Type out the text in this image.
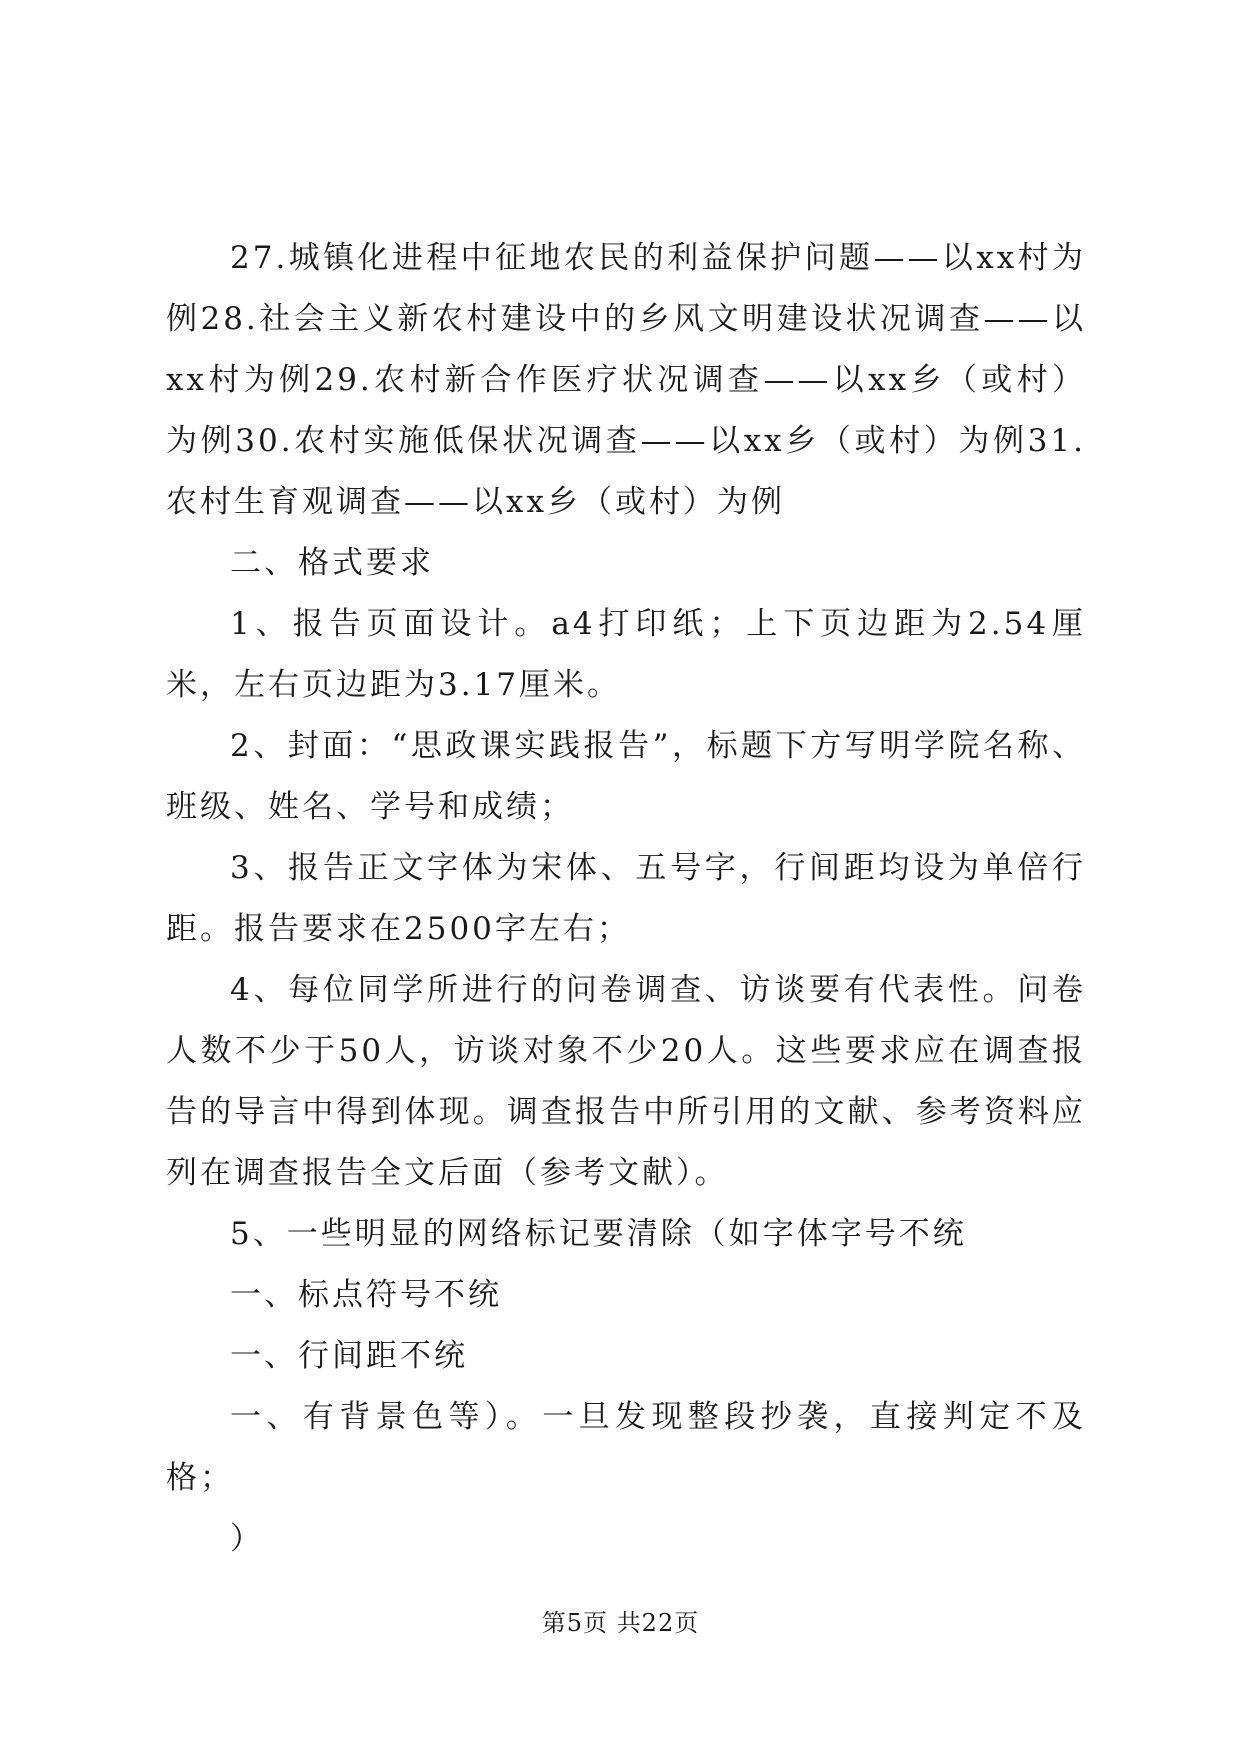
27.城镇化进程中征地农民的利益保护问题——以xx村为例28.社会主义新农村建设中的乡风文明建设状况调查——以xx村为例29.农村新合作医疗状况调查——以xx乡（或村）为例30.农村实施低保状况调查——以xx乡（或村）为例31.农村生育观调查——以xx乡（或村）为例

二、格式要求

1、报告页面设计。a4打印纸；上下页边距为2.54厘米，左右页边距为3.17厘米。

2、封面：“思政课实践报告”，标题下方写明学院名称、班级、姓名、学号和成绩；

3、报告正文字体为宋体、五号字，行间距均设为单倍行距。报告要求在2500字左右；

4、每位同学所进行的问卷调查、访谈要有代表性。问卷人数不少于50人，访谈对象不少20人。这些要求应在调查报告的导言中得到体现。调查报告中所引用的文献、参考资料应列在调查报告全文后面（参考文献）。

5、一些明显的网络标记要清除（如字体字号不统

一、标点符号不统

一、行间距不统

一、有背景色等）。一旦发现整段抄袭，直接判定不及格；

）

第5页 共22页
